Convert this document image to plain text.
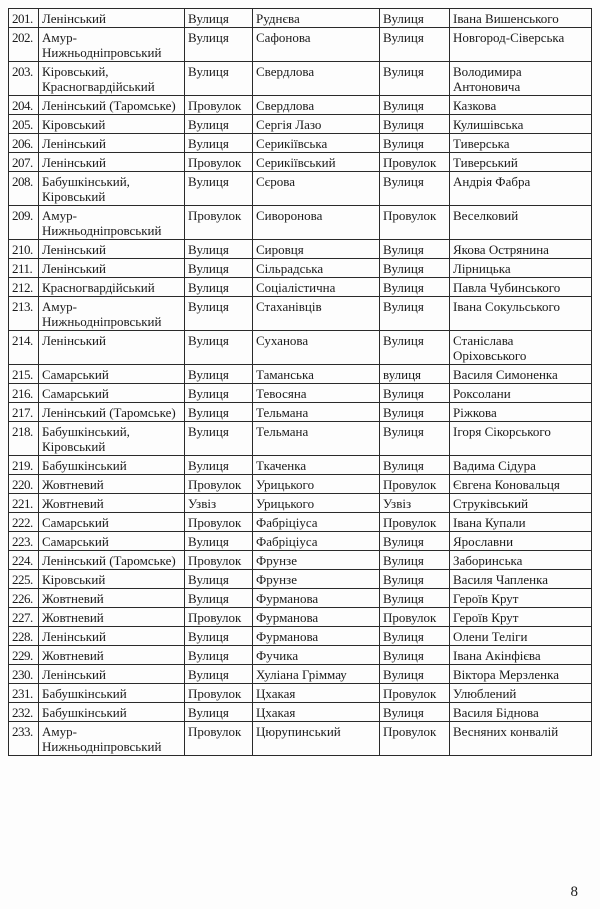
201.	Ленінський	Вулиця	Руднєва	Вулиця	Івана Вишенського
202.	Амур-Нижньодніпровський	Вулиця	Сафонова	Вулиця	Новгород-Сіверська
203.	Кіровський, Красногвардійський	Вулиця	Свердлова	Вулиця	Володимира Антоновича
204.	Ленінський (Таромське)	Провулок	Свердлова	Вулиця	Казкова
205.	Кіровський	Вулиця	Сергія Лазо	Вулиця	Кулишівська
206.	Ленінський	Вулиця	Серикіївська	Вулиця	Тиверська
207.	Ленінський	Провулок	Серикіївський	Провулок	Тиверський
208.	Бабушкінський, Кіровський	Вулиця	Сєрова	Вулиця	Андрія Фабра
209.	Амур-Нижньодніпровський	Провулок	Сиворонова	Провулок	Веселковий
210.	Ленінський	Вулиця	Сировця	Вулиця	Якова Острянина
211.	Ленінський	Вулиця	Сільрадська	Вулиця	Лірницька
212.	Красногвардійський	Вулиця	Соціалістична	Вулиця	Павла Чубинського
213.	Амур-Нижньодніпровський	Вулиця	Стаханівців	Вулиця	Івана Сокульського
214.	Ленінський	Вулиця	Суханова	Вулиця	Станіслава Оріховського
215.	Самарський	Вулиця	Таманська	вулиця	Василя Симоненка
216.	Самарський	Вулиця	Тевосяна	Вулиця	Роксолани
217.	Ленінський (Таромське)	Вулиця	Тельмана	Вулиця	Ріжкова
218.	Бабушкінський, Кіровський	Вулиця	Тельмана	Вулиця	Ігоря Сікорського
219.	Бабушкінський	Вулиця	Ткаченка	Вулиця	Вадима Сідура
220.	Жовтневий	Провулок	Урицького	Провулок	Євгена Коновальця
221.	Жовтневий	Узвіз	Урицького	Узвіз	Струківський
222.	Самарський	Провулок	Фабріціуса	Провулок	Івана Купали
223.	Самарський	Вулиця	Фабріціуса	Вулиця	Ярославни
224.	Ленінський (Таромське)	Провулок	Фрунзе	Вулиця	Заборинська
225.	Кіровський	Вулиця	Фрунзе	Вулиця	Василя Чапленка
226.	Жовтневий	Вулиця	Фурманова	Вулиця	Героїв Крут
227.	Жовтневий	Провулок	Фурманова	Провулок	Героїв Крут
228.	Ленінський	Вулиця	Фурманова	Вулиця	Олени Теліги
229.	Жовтневий	Вулиця	Фучика	Вулиця	Івана Акінфієва
230.	Ленінський	Вулиця	Хуліана Гріммау	Вулиця	Віктора Мерзленка
231.	Бабушкінський	Провулок	Цхакая	Провулок	Улюблений
232.	Бабушкінський	Вулиця	Цхакая	Вулиця	Василя Біднова
233.	Амур-Нижньодніпровський	Провулок	Цюрупинський	Провулок	Весняних конвалій
8
